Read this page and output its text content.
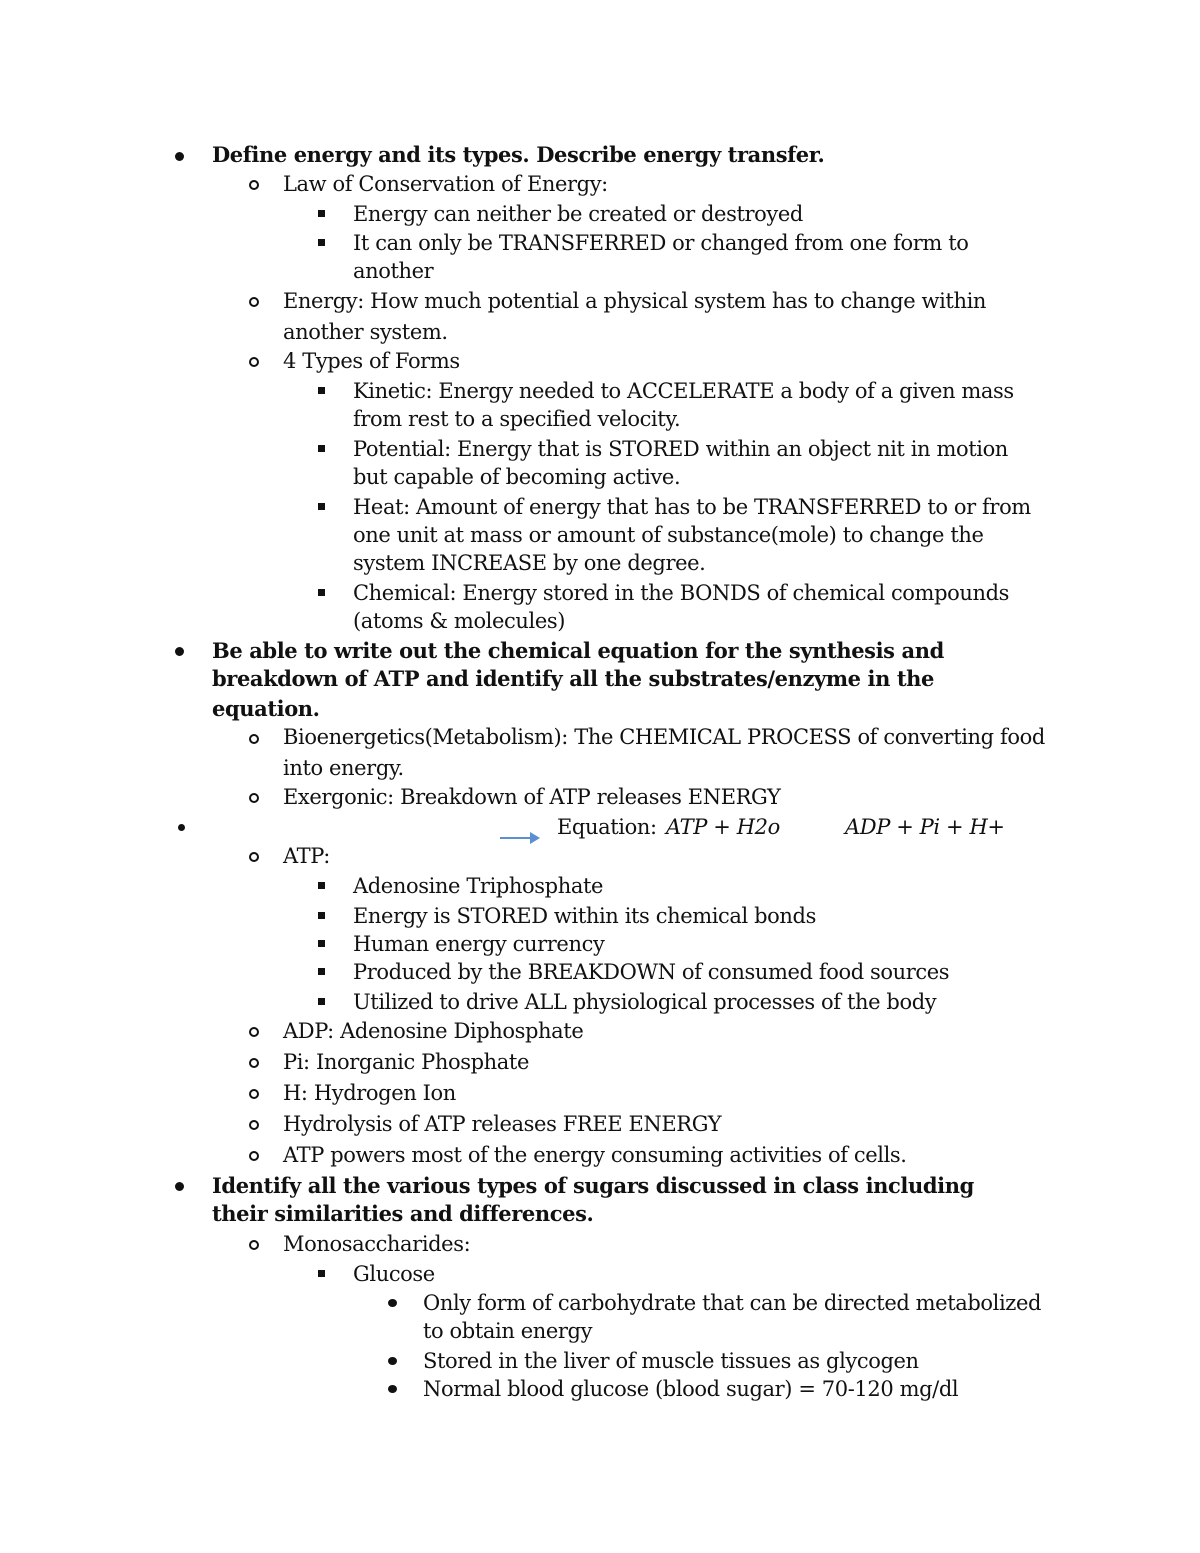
Define energy and its types. Describe energy transfer.
Law of Conservation of Energy:
Energy can neither be created or destroyed
It can only be TRANSFERRED or changed from one form to
another
Energy: How much potential a physical system has to change within
another system.
4 Types of Forms
Kinetic: Energy needed to ACCELERATE a body of a given mass
from rest to a specified velocity.
Potential: Energy that is STORED within an object nit in motion
but capable of becoming active.
Heat: Amount of energy that has to be TRANSFERRED to or from
one unit at mass or amount of substance(mole) to change the
system INCREASE by one degree.
Chemical: Energy stored in the BONDS of chemical compounds
(atoms & molecules)
Be able to write out the chemical equation for the synthesis and
breakdown of ATP and identify all the substrates/enzyme in the
equation.
Bioenergetics(Metabolism): The CHEMICAL PROCESS of converting food
into energy.
Exergonic: Breakdown of ATP releases ENERGY
Equation: ATP + H2o	ADP + Pi + H+
ATP:
Adenosine Triphosphate
Energy is STORED within its chemical bonds
Human energy currency
Produced by the BREAKDOWN of consumed food sources
Utilized to drive ALL physiological processes of the body
ADP: Adenosine Diphosphate
Pi: Inorganic Phosphate
H: Hydrogen Ion
Hydrolysis of ATP releases FREE ENERGY
ATP powers most of the energy consuming activities of cells.
Identify all the various types of sugars discussed in class including
their similarities and differences.
Monosaccharides:
Glucose
Only form of carbohydrate that can be directed metabolized
to obtain energy
Stored in the liver of muscle tissues as glycogen
Normal blood glucose (blood sugar) = 70-120 mg/dl
